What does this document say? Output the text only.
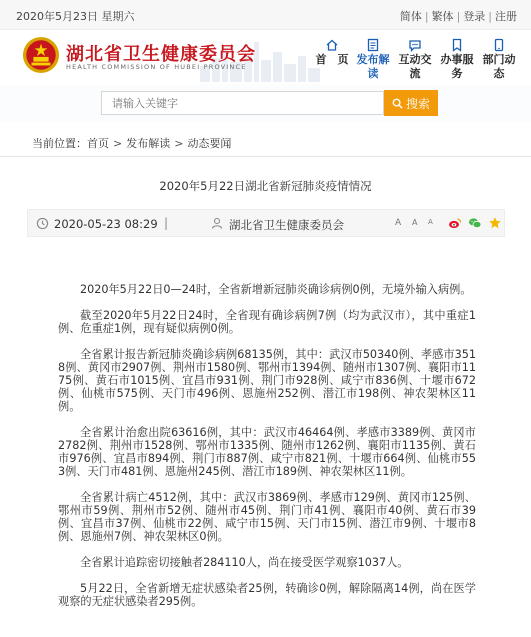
2020年5月23日 星期六	简体 | 繁体 | 登录 | 注册
湖北省卫生健康委员会
HEALTH COMMISSION OF HUBEI PROVINCE
首　页 发布解
读
互动交
流
办事服
务
部门动
态
请输入关键字
搜索
当前位置：首页 > 发布解读 > 动态要闻
2020年5月22日湖北省新冠肺炎疫情情况
2020-05-23 08:29 |	湖北省卫生健康委员会	A A A

2020年5月22日0—24时，全省新增新冠肺炎确诊病例0例，无境外输入病例。

截至2020年5月22日24时，全省现有确诊病例7例（均为武汉市），其中重症1例、危重症1例，现有疑似病例0例。

全省累计报告新冠肺炎确诊病例68135例，其中：武汉市50340例、孝感市3518例、黄冈市2907例、荆州市1580例、鄂州市1394例、随州市1307例、襄阳市1175例、黄石市1015例、宜昌市931例、荆门市928例、咸宁市836例、十堰市672例、仙桃市575例、天门市496例、恩施州252例、潜江市198例、神农架林区11例。

全省累计治愈出院63616例，其中：武汉市46464例、孝感市3389例、黄冈市2782例、荆州市1528例、鄂州市1335例、随州市1262例、襄阳市1135例、黄石市976例、宜昌市894例、荆门市887例、咸宁市821例、十堰市664例、仙桃市553例、天门市481例、恩施州245例、潜江市189例、神农架林区11例。

全省累计病亡4512例，其中：武汉市3869例、孝感市129例、黄冈市125例、鄂州市59例、荆州市52例、随州市45例、荆门市41例、襄阳市40例、黄石市39例、宜昌市37例、仙桃市22例、咸宁市15例、天门市15例、潜江市9例、十堰市8例、恩施州7例、神农架林区0例。

全省累计追踪密切接触者284110人，尚在接受医学观察1037人。

5月22日，全省新增无症状感染者25例，转确诊0例，解除隔离14例，尚在医学观察的无症状感染者295例。
